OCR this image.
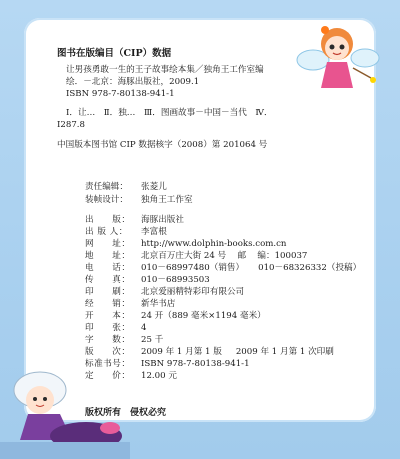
图书在版编目（CIP）数据
让男孩勇敢一生的王子故事绘本集／独角王工作室编
绘．－北京：海豚出版社，2009.1
ISBN 978-7-80138-941-1
Ⅰ．让…　Ⅱ．独…　Ⅲ．图画故事－中国－当代　Ⅳ．
I287.8
中国版本图书馆 CIP 数据核字（2008）第 201064 号
责任编辑： 张菱儿
装帧设计： 独角王工作室
出　　版： 海豚出版社
出 版 人： 李富根
网　　址： http://www.dolphin-books.com.cn
地　　址： 北京百万庄大街 24 号　 邮　 编：100037
电　　话： 010－68997480（销售） 010－68326332（投稿）
传　　真： 010－68993503
印　　刷： 北京爱丽精特彩印有限公司
经　　销： 新华书店
开　　本： 24 开（889 毫米×1194 毫米）
印　　张： 4
字　　数： 25 千
版　　次： 2009 年 1 月第 1 版 2009 年 1 月第 1 次印刷
标准书号： ISBN 978-7-80138-941-1
定　　价： 12.00 元
版权所有　侵权必究
